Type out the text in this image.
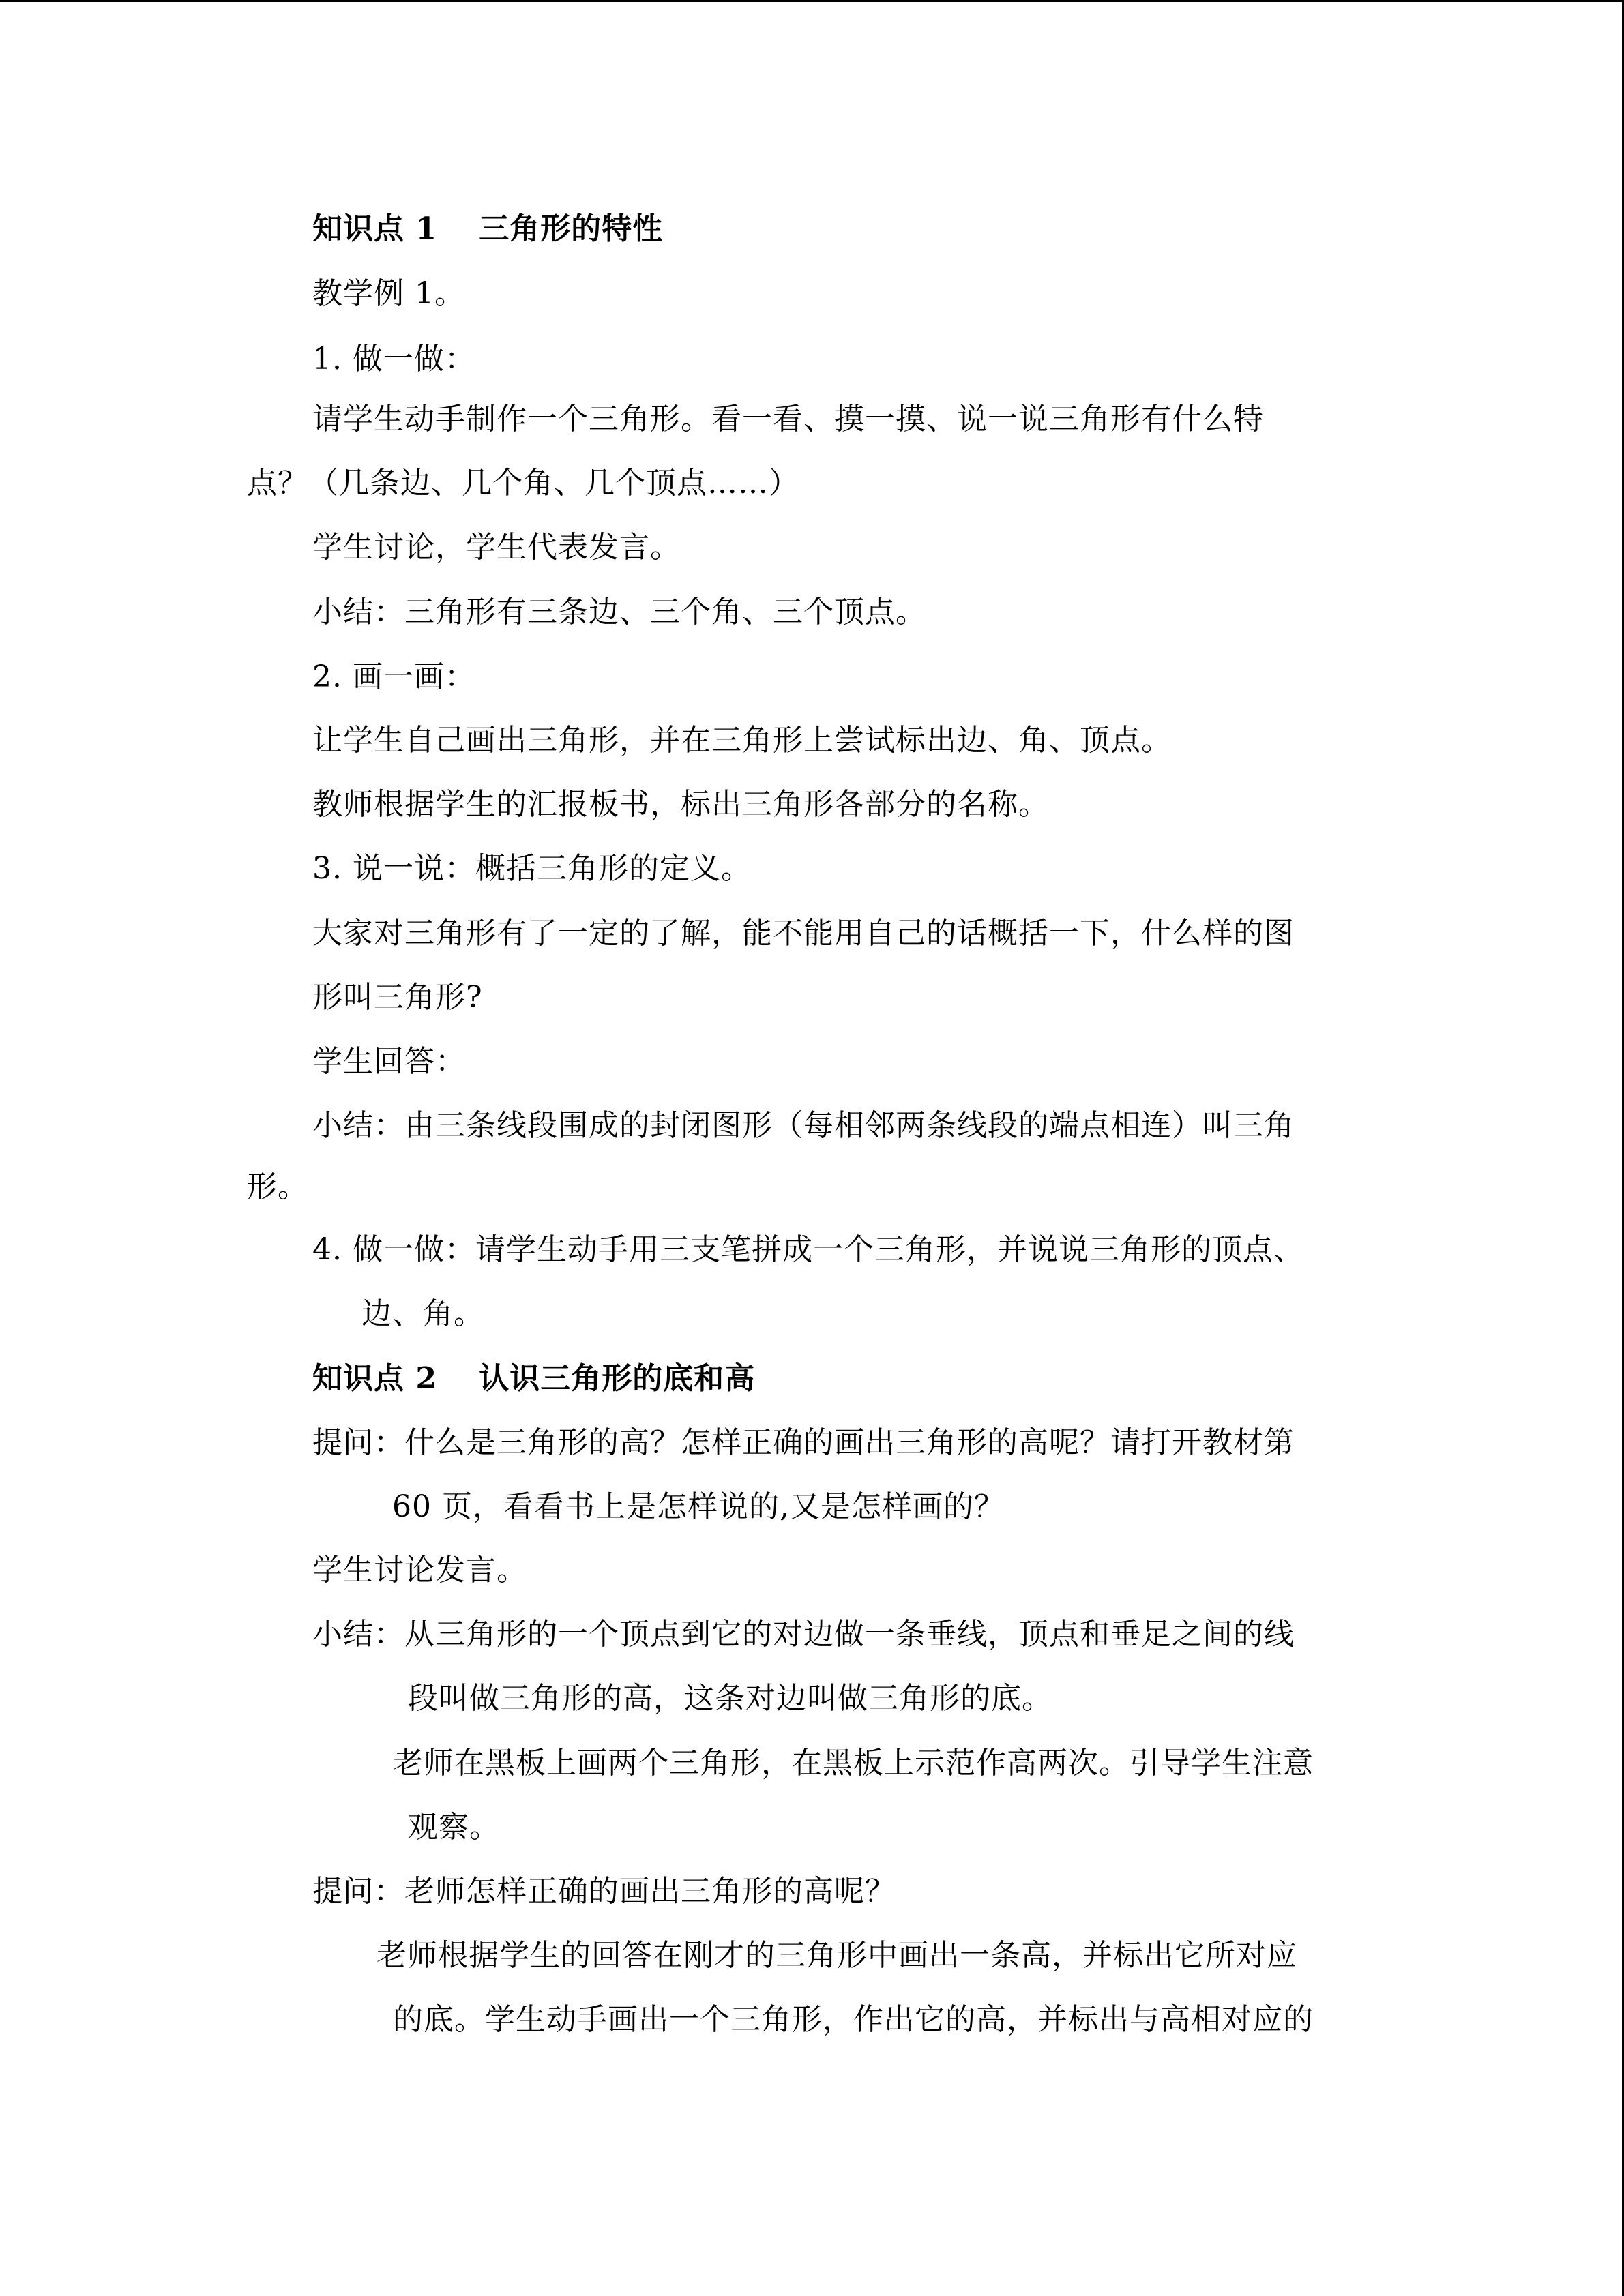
知识点 1　 三角形的特性
教学例 1。
1. 做一做：
请学生动手制作一个三角形。看一看、摸一摸、说一说三角形有什么特
点？（几条边、几个角、几个顶点……）
学生讨论，学生代表发言。
小结：三角形有三条边、三个角、三个顶点。
2. 画一画：
让学生自己画出三角形，并在三角形上尝试标出边、角、顶点。
教师根据学生的汇报板书，标出三角形各部分的名称。
3. 说一说：概括三角形的定义。
大家对三角形有了一定的了解，能不能用自己的话概括一下，什么样的图
形叫三角形?
学生回答：
小结：由三条线段围成的封闭图形（每相邻两条线段的端点相连）叫三角
形。
4. 做一做：请学生动手用三支笔拼成一个三角形，并说说三角形的顶点、
边、角。
知识点 2　 认识三角形的底和高
提问：什么是三角形的高？怎样正确的画出三角形的高呢？请打开教材第
60 页，看看书上是怎样说的,又是怎样画的？
学生讨论发言。
小结：从三角形的一个顶点到它的对边做一条垂线，顶点和垂足之间的线
段叫做三角形的高，这条对边叫做三角形的底。
老师在黑板上画两个三角形，在黑板上示范作高两次。引导学生注意
观察。
提问：老师怎样正确的画出三角形的高呢？
老师根据学生的回答在刚才的三角形中画出一条高，并标出它所对应
的底。学生动手画出一个三角形，作出它的高，并标出与高相对应的
